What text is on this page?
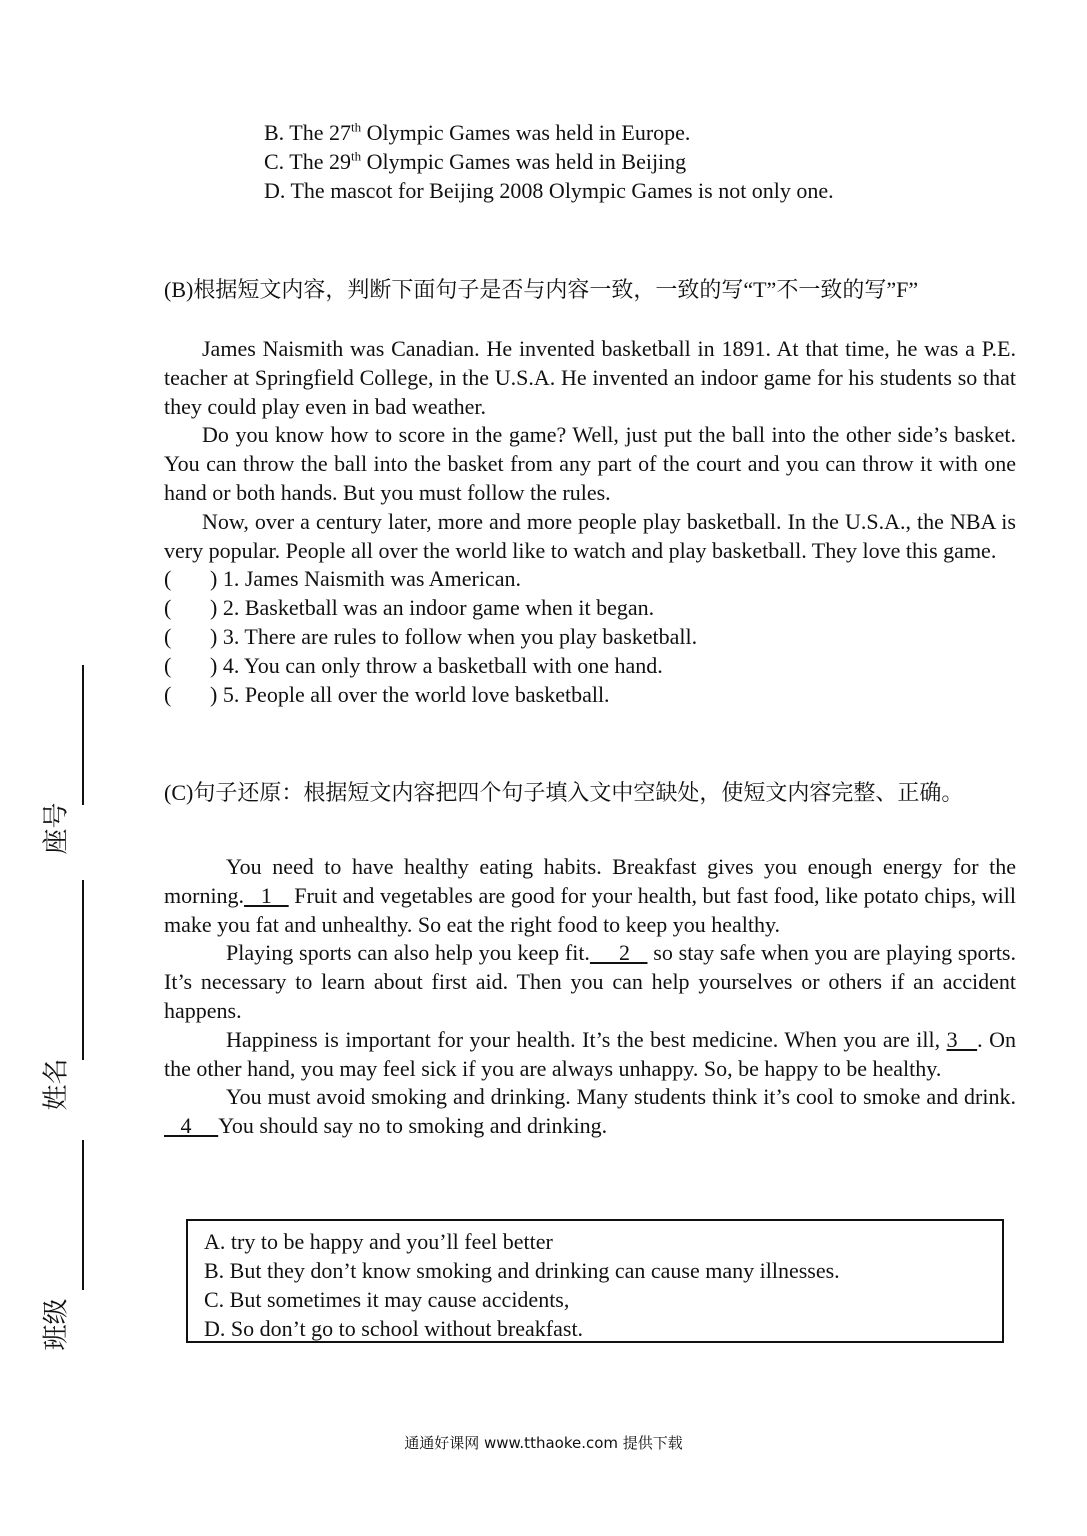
B. The 27th Olympic Games was held in Europe.
C. The 29th Olympic Games was held in Beijing
D. The mascot for Beijing 2008 Olympic Games is not only one.
(B)根据短文内容，判断下面句子是否与内容一致，一致的写“T”不一致的写”F”

James Naismith was Canadian. He invented basketball in 1891. At that time, he was a P.E. teacher at Springfield College, in the U.S.A. He invented an indoor game for his students so that they could play even in bad weather.

Do you know how to score in the game? Well, just put the ball into the other side’s basket. You can throw the ball into the basket from any part of the court and you can throw it with one hand or both hands. But you must follow the rules.

Now, over a century later, more and more people play basketball. In the U.S.A., the NBA is very popular. People all over the world like to watch and play basketball. They love this game.

( ) 1. James Naismith was American.
( ) 2. Basketball was an indoor game when it began.
( ) 3. There are rules to follow when you play basketball.
( ) 4. You can only throw a basketball with one hand.
( ) 5. People all over the world love basketball.
(C)句子还原：根据短文内容把四个句子填入文中空缺处，使短文内容完整、正确。

You need to have healthy eating habits. Breakfast gives you enough energy for the morning.   1    Fruit and vegetables are good for your health, but fast food, like potato chips, will make you fat and unhealthy. So eat the right food to keep you healthy.

Playing sports can also help you keep fit.     2    so stay safe when you are playing sports. It’s necessary to learn about first aid. Then you can help yourselves or others if an accident happens.

Happiness is important for your health. It’s the best medicine. When you are ill, 3   . On the other hand, you may feel sick if you are always unhappy. So, be happy to be healthy.

You must avoid smoking and drinking. Many students think it’s cool to smoke and drink.   4     You should say no to smoking and drinking.

A. try to be happy and you’ll feel better
B. But they don’t know smoking and drinking can cause many illnesses.
C. But sometimes it may cause accidents,
D. So don’t go to school without breakfast.
座号
姓名
班级
通通好课网 www.tthaoke.com 提供下载
